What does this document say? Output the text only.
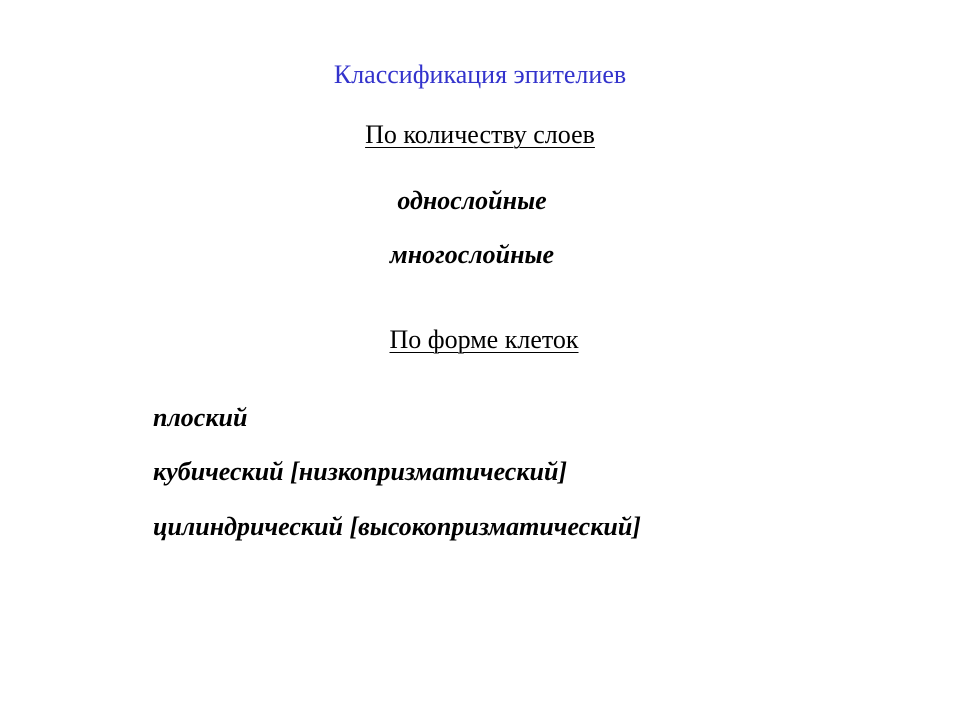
Классификация эпителиев
По количеству слоев
однослойные
многослойные
По форме клеток
плоский
кубический [низкопризматический]
цилиндрический [высокопризматический]
